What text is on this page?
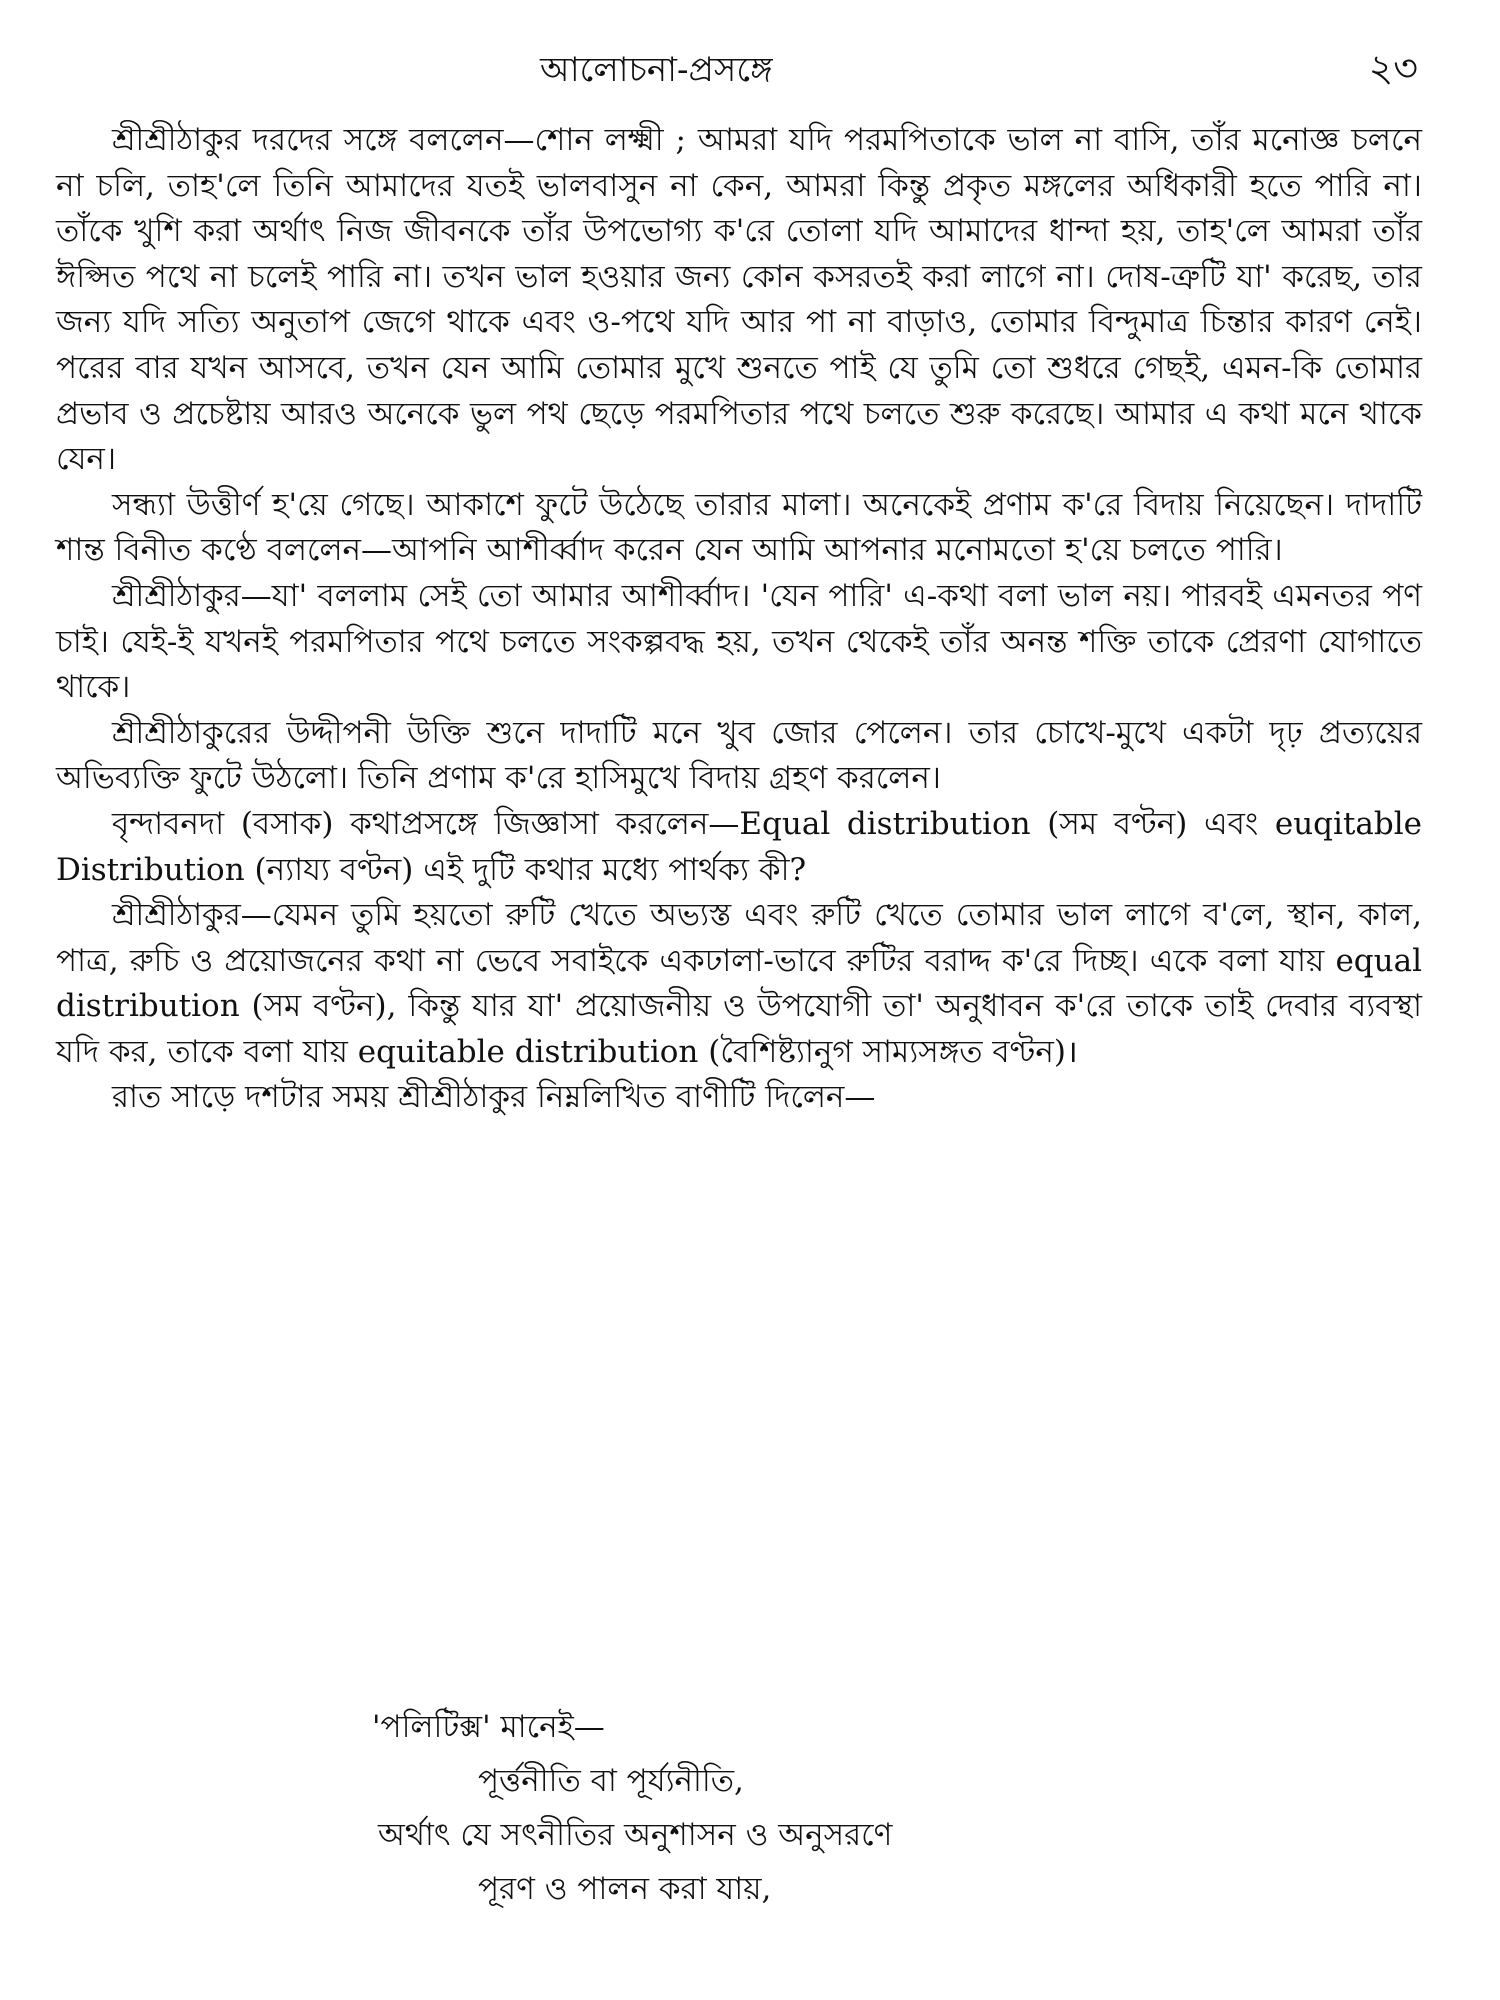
আলোচনা-প্রসঙ্গে	২৩

শ্রীশ্রীঠাকুর দরদের সঙ্গে বললেন—শোন লক্ষ্মী ; আমরা যদি পরমপিতাকে ভাল না বাসি, তাঁর মনোজ্ঞ চলনে না চলি, তাহ'লে তিনি আমাদের যতই ভালবাসুন না কেন, আমরা কিন্তু প্রকৃত মঙ্গলের অধিকারী হতে পারি না। তাঁকে খুশি করা অর্থাৎ নিজ জীবনকে তাঁর উপভোগ্য ক'রে তোলা যদি আমাদের ধান্দা হয়, তাহ'লে আমরা তাঁর ঈপ্সিত পথে না চলেই পারি না। তখন ভাল হওয়ার জন্য কোন কসরতই করা লাগে না। দোষ-ত্রুটি যা' করেছ, তার জন্য যদি সত্যি অনুতাপ জেগে থাকে এবং ও-পথে যদি আর পা না বাড়াও, তোমার বিন্দুমাত্র চিন্তার কারণ নেই। পরের বার যখন আসবে, তখন যেন আমি তোমার মুখে শুনতে পাই যে তুমি তো শুধরে গেছই, এমন-কি তোমার প্রভাব ও প্রচেষ্টায় আরও অনেকে ভুল পথ ছেড়ে পরমপিতার পথে চলতে শুরু করেছে। আমার এ কথা মনে থাকে যেন।

সন্ধ্যা উত্তীর্ণ হ'য়ে গেছে। আকাশে ফুটে উঠেছে তারার মালা। অনেকেই প্রণাম ক'রে বিদায় নিয়েছেন। দাদাটি শান্ত বিনীত কণ্ঠে বললেন—আপনি আশীর্ব্বাদ করেন যেন আমি আপনার মনোমতো হ'য়ে চলতে পারি।

শ্রীশ্রীঠাকুর—যা' বললাম সেই তো আমার আশীর্ব্বাদ। 'যেন পারি' এ-কথা বলা ভাল নয়। পারবই এমনতর পণ চাই। যেই-ই যখনই পরমপিতার পথে চলতে সংকল্পবদ্ধ হয়, তখন থেকেই তাঁর অনন্ত শক্তি তাকে প্রেরণা যোগাতে থাকে।

শ্রীশ্রীঠাকুরের উদ্দীপনী উক্তি শুনে দাদাটি মনে খুব জোর পেলেন। তার চোখে-মুখে একটা দৃঢ় প্রত্যয়ের অভিব্যক্তি ফুটে উঠলো। তিনি প্রণাম ক'রে হাসিমুখে বিদায় গ্রহণ করলেন।

বৃন্দাবনদা (বসাক) কথাপ্রসঙ্গে জিজ্ঞাসা করলেন—Equal distribution (সম বণ্টন) এবং euqitable Distribution (ন্যায্য বণ্টন) এই দুটি কথার মধ্যে পার্থক্য কী?

শ্রীশ্রীঠাকুর—যেমন তুমি হয়তো রুটি খেতে অভ্যস্ত এবং রুটি খেতে তোমার ভাল লাগে ব'লে, স্থান, কাল, পাত্র, রুচি ও প্রয়োজনের কথা না ভেবে সবাইকে একঢালা-ভাবে রুটির বরাদ্দ ক'রে দিচ্ছ। একে বলা যায় equal distribution (সম বণ্টন), কিন্তু যার যা' প্রয়োজনীয় ও উপযোগী তা' অনুধাবন ক'রে তাকে তাই দেবার ব্যবস্থা যদি কর, তাকে বলা যায় equitable distribution (বৈশিষ্ট্যানুগ সাম্যসঙ্গত বণ্টন)।

রাত সাড়ে দশটার সময় শ্রীশ্রীঠাকুর নিম্নলিখিত বাণীটি দিলেন—

'পলিটিক্স' মানেই—
পূর্ত্তনীতি বা পূর্য্যনীতি,
অর্থাৎ যে সৎনীতির অনুশাসন ও অনুসরণে
পূরণ ও পালন করা যায়,
